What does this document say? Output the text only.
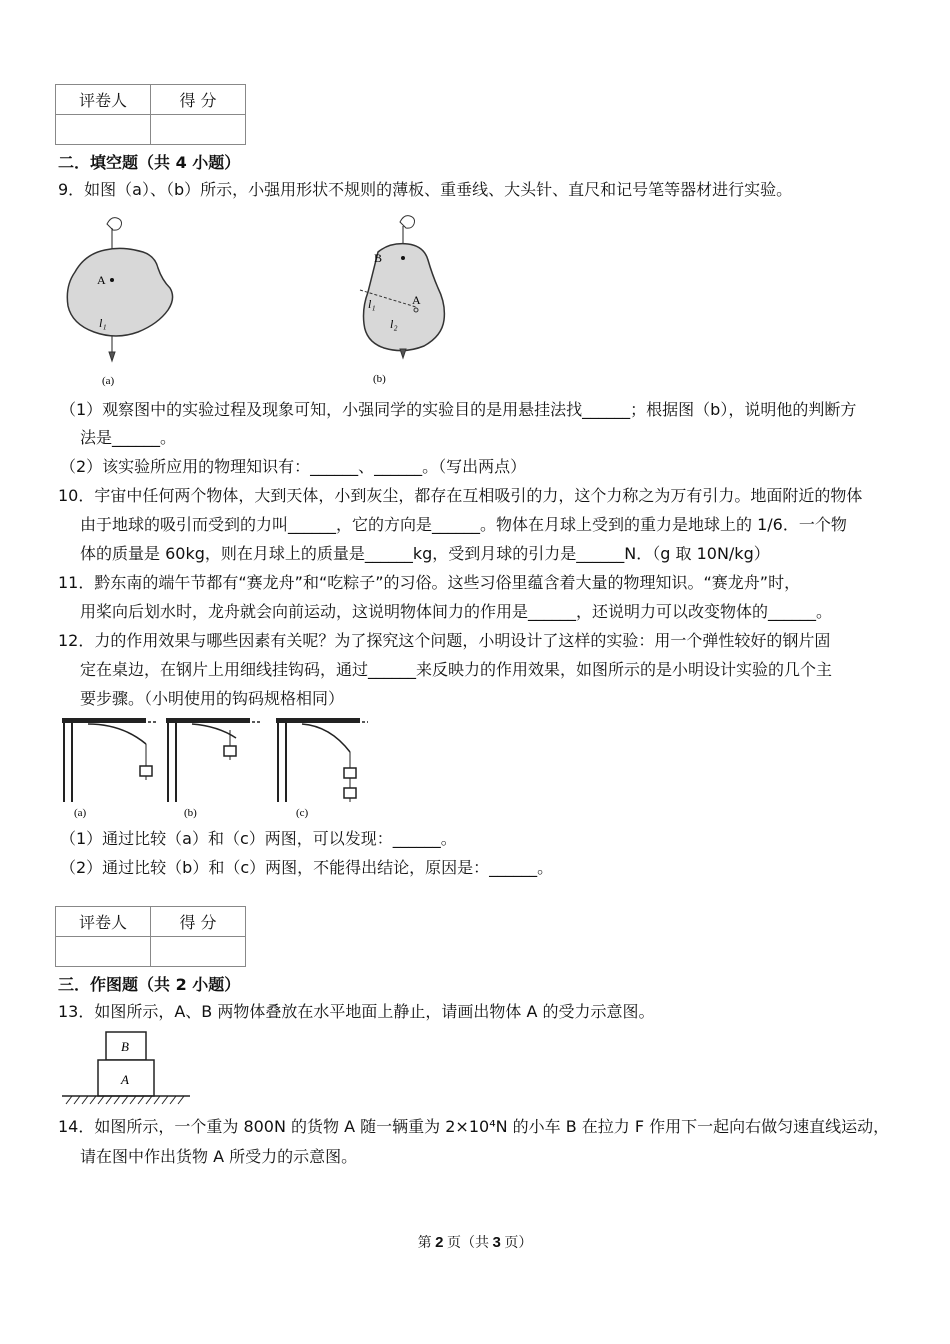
评卷人	得 分

二．填空题（共 4 小题）
9．如图（a）、（b）所示，小强用形状不规则的薄板、重垂线、大头针、直尺和记号笔等器材进行实验。
A
l₁
(a)
B
A
l₁
l₂
(b)
（1）观察图中的实验过程及现象可知，小强同学的实验目的是用悬挂法找______；根据图（b），说明他的判断方
法是______。
（2）该实验所应用的物理知识有：______、______。（写出两点）
10．宇宙中任何两个物体，大到天体，小到灰尘，都存在互相吸引的力，这个力称之为万有引力。地面附近的物体
由于地球的吸引而受到的力叫______，它的方向是______。物体在月球上受到的重力是地球上的 1/6．一个物
体的质量是 60kg，则在月球上的质量是______kg，受到月球的引力是______N．（g 取 10N/kg）
11．黔东南的端午节都有“赛龙舟”和“吃粽子”的习俗。这些习俗里蕴含着大量的物理知识。“赛龙舟”时，
用桨向后划水时，龙舟就会向前运动，这说明物体间力的作用是______，还说明力可以改变物体的______。
12．力的作用效果与哪些因素有关呢？为了探究这个问题，小明设计了这样的实验：用一个弹性较好的钢片固
定在桌边，在钢片上用细线挂钩码，通过______来反映力的作用效果，如图所示的是小明设计实验的几个主
要步骤。（小明使用的钩码规格相同）
(a)	(b)	(c)
（1）通过比较（a）和（c）两图，可以发现：______。
（2）通过比较（b）和（c）两图，不能得出结论，原因是：______。
评卷人	得 分

三．作图题（共 2 小题）
13．如图所示，A、B 两物体叠放在水平地面上静止，请画出物体 A 的受力示意图。
B
A
14．如图所示，一个重为 800N 的货物 A 随一辆重为 2×10⁴N 的小车 B 在拉力 F 作用下一起向右做匀速直线运动，
请在图中作出货物 A 所受力的示意图。
第 2 页（共 3 页）
